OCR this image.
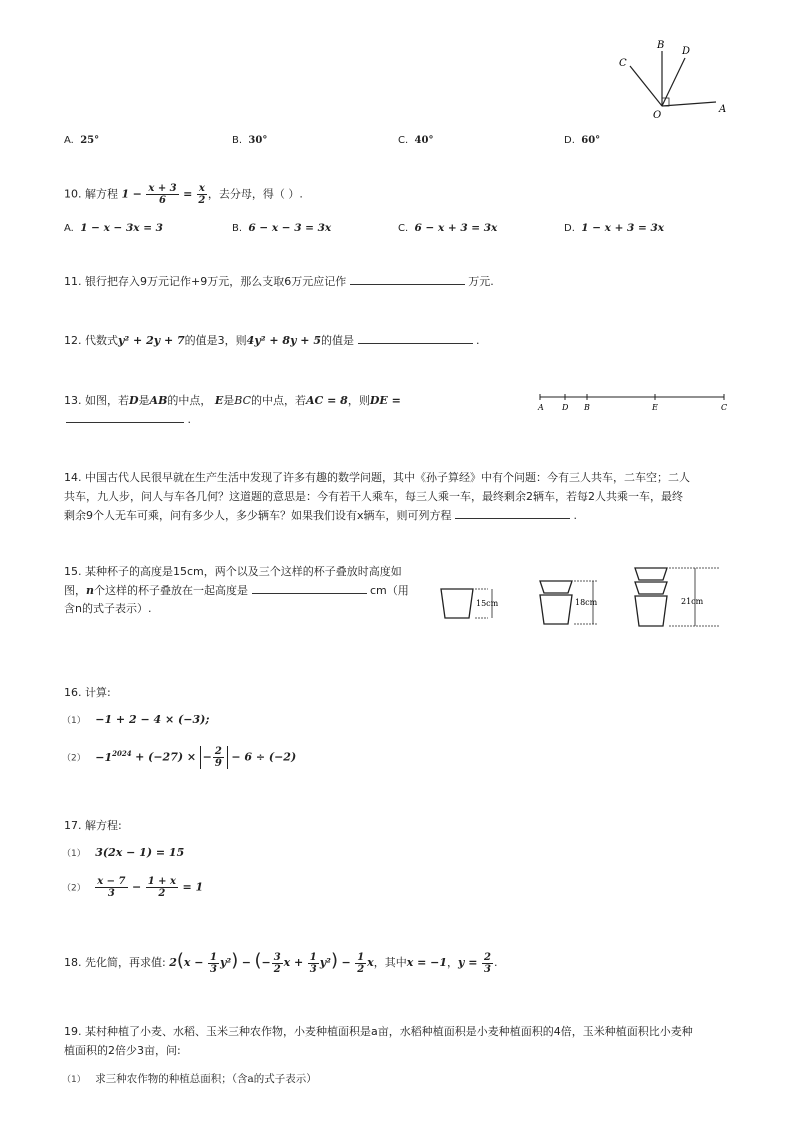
B
D
C
O
A
A. 25°	B. 30°	C. 40°	D. 60°
10. 解方程 $1 - \frac{x + 3}{6} = \frac{x}{2}$ ，去分母，得（ ）.
A. 1 − x − 3x = 3	B. 6 − x − 3 = 3x	C. 6 − x + 3 = 3x	D. 1 − x + 3 = 3x
11. 银行把存入9万元记作+9万元，那么支取6万元应记作	万元.
12. 代数式y² + 2y + 7的值是3，则4y² + 8y + 5的值是	.
13. 如图，若D是AB的中点， E是BC的中点，若AC = 8，则DE =
.
A D B	E	C
14. 中国古代人民很早就在生产生活中发现了许多有趣的数学问题，其中《孙子算经》中有个问题：今有三人共车，二车空；二人
共车，九人步，问人与车各几何？这道题的意思是：今有若干人乘车，每三人乘一车，最终剩余2辆车，若每2人共乘一车，最终
剩余9个人无车可乘，问有多少人，多少辆车？如果我们设有x辆车，则可列方程	.
15. 某种杯子的高度是15cm，两个以及三个这样的杯子叠放时高度如
图，n个这样的杯子叠放在一起高度是	cm（用
含n的式子表示）.	15cm	18cm	21cm
16. 计算:
（1） −1 + 2 − 4 × (−3);
$(2) -1^{2024} + (-27)$ × − $\frac{2}{9} - 6 \div (-2)$
17. 解方程:
（1） 3(2x − 1) = 15
$(2) \frac{x - 7}{3} - \frac{1 + x}{2} = 1$
18. 先化简，再求值: $2(x - \frac{1}{3} y^2)$ − (− $\frac{3}{2}$ $x + \frac{1}{3} y^2) - \frac{1}{2}$ x，其中x = −1，$y = \frac{2}{3}$ .
19. 某村种植了小麦、水稻、玉米三种农作物，小麦种植面积是a亩，水稻种植面积是小麦种植面积的4倍，玉米种植面积比小麦种
植面积的2倍少3亩，问:
（1） 求三种农作物的种植总面积；（含a的式子表示）
